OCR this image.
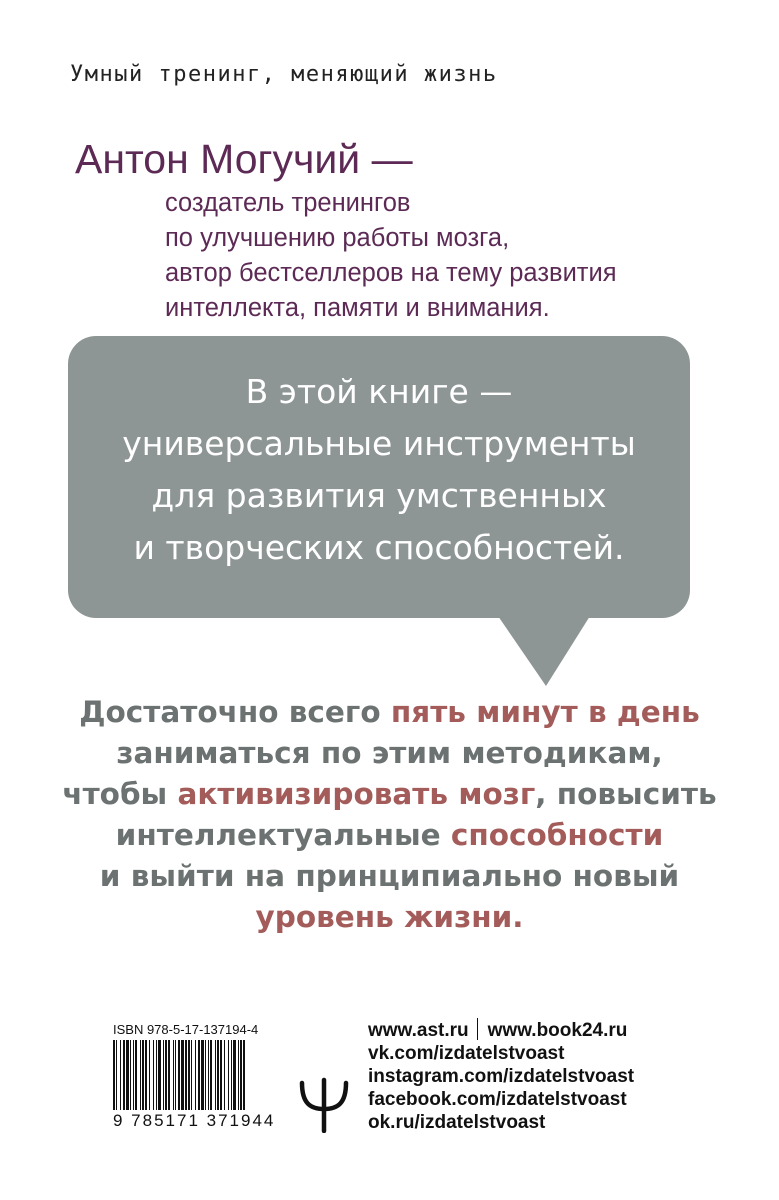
Умный тренинг, меняющий жизнь
Антон Могучий —
создатель тренингов
по улучшению работы мозга,
автор бестселлеров на тему развития
интеллекта, памяти и внимания.
В этой книге —
универсальные инструменты
для развития умственных
и творческих способностей.
Достаточно всего пять минут в день
заниматься по этим методикам,
чтобы активизировать мозг, повысить
интеллектуальные способности
и выйти на принципиально новый
уровень жизни.
ISBN 978-5-17-137194-4
9 785171 371944
www.ast.ru www.book24.ru
vk.com/izdatelstvoast
instagram.com/izdatelstvoast
facebook.com/izdatelstvoast
ok.ru/izdatelstvoast
